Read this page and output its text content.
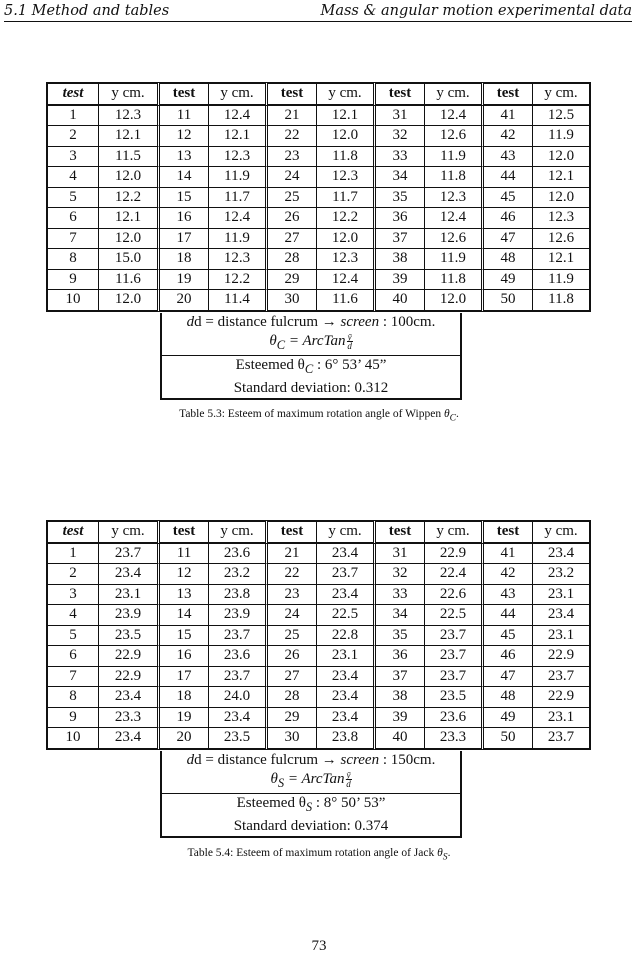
5.1 Method and tables	Mass & angular motion experimental data
test	y cm.	test	y cm.	test	y cm.	test	y cm.	test	y cm.
1	12.3	11	12.4	21	12.1	31	12.4	41	12.5
2	12.1	12	12.1	22	12.0	32	12.6	42	11.9
3	11.5	13	12.3	23	11.8	33	11.9	43	12.0
4	12.0	14	11.9	24	12.3	34	11.8	44	12.1
5	12.2	15	11.7	25	11.7	35	12.3	45	12.0
6	12.1	16	12.4	26	12.2	36	12.4	46	12.3
7	12.0	17	11.9	27	12.0	37	12.6	47	12.6
8	15.0	18	12.3	28	12.3	38	11.9	48	12.1
9	11.6	19	12.2	29	12.4	39	11.8	49	11.9
10	12.0	20	11.4	30	11.6	40	12.0	50	11.8
dd = distance fulcrum → screen : 100cm.
$\theta_C$ = ArcTan $\frac{ȳ}{d}$
Esteemed $\theta_C$ : 6° 53’ 45”
Standard deviation: 0.312
Table 5.3: Esteem of maximum rotation angle of Wippen $\theta_C$.
test	y cm.	test	y cm.	test	y cm.	test	y cm.	test	y cm.
1	23.7	11	23.6	21	23.4	31	22.9	41	23.4
2	23.4	12	23.2	22	23.7	32	22.4	42	23.2
3	23.1	13	23.8	23	23.4	33	22.6	43	23.1
4	23.9	14	23.9	24	22.5	34	22.5	44	23.4
5	23.5	15	23.7	25	22.8	35	23.7	45	23.1
6	22.9	16	23.6	26	23.1	36	23.7	46	22.9
7	22.9	17	23.7	27	23.4	37	23.7	47	23.7
8	23.4	18	24.0	28	23.4	38	23.5	48	22.9
9	23.3	19	23.4	29	23.4	39	23.6	49	23.1
10	23.4	20	23.5	30	23.8	40	23.3	50	23.7
dd = distance fulcrum → screen : 150cm.
$\theta_S$ = ArcTan $\frac{ȳ}{d}$
Esteemed $\theta_S$ : 8° 50’ 53”
Standard deviation: 0.374
Table 5.4: Esteem of maximum rotation angle of Jack $\theta_S$.
73
